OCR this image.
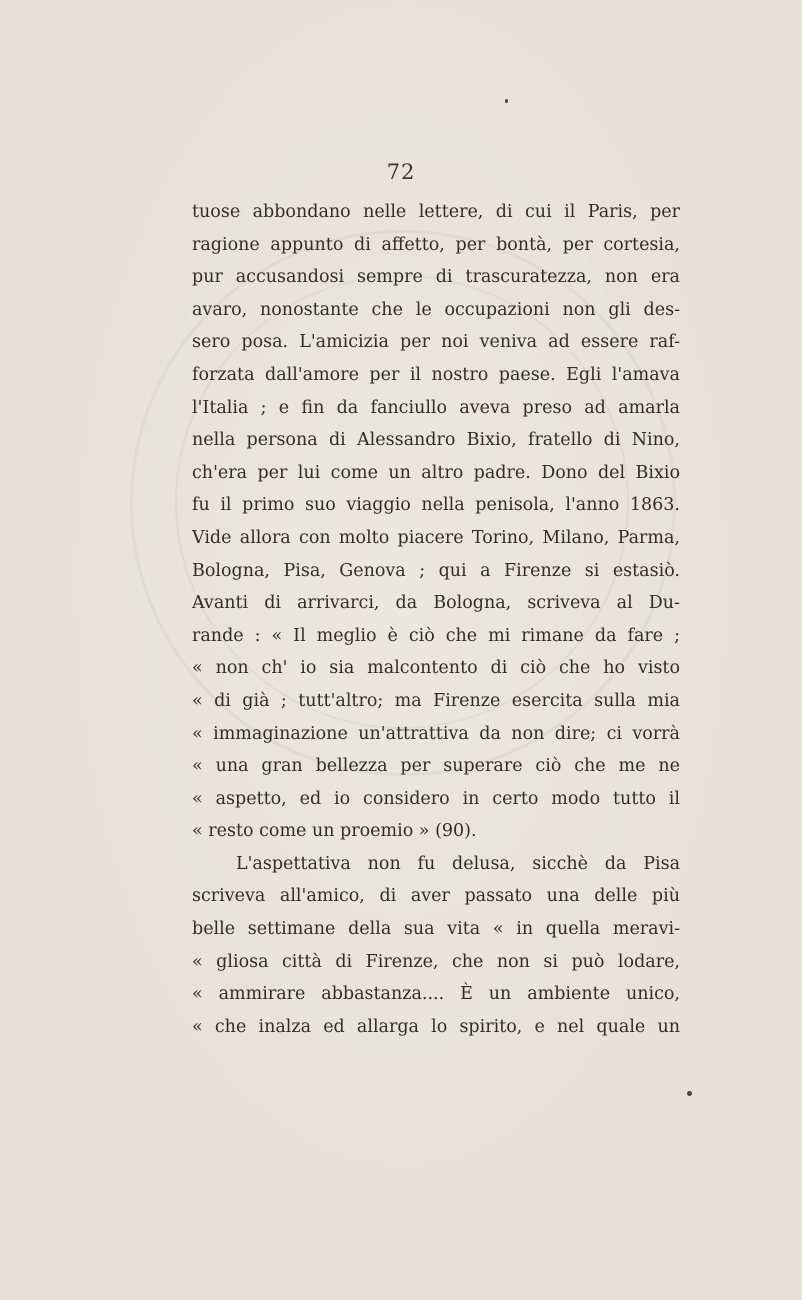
72
tuose abbondano nelle lettere, di cui il Paris, per
ragione appunto di affetto, per bontà, per cortesia,
pur accusandosi sempre di trascuratezza, non era
avaro, nonostante che le occupazioni non gli des-
sero posa. L'amicizia per noi veniva ad essere raf-
forzata dall'amore per il nostro paese. Egli l'amava
l'Italia ; e fin da fanciullo aveva preso ad amarla
nella persona di Alessandro Bixio, fratello di Nino,
ch'era per lui come un altro padre. Dono del Bixio
fu il primo suo viaggio nella penisola, l'anno 1863.
Vide allora con molto piacere Torino, Milano, Parma,
Bologna, Pisa, Genova ; qui a Firenze si estasiò.
Avanti di arrivarci, da Bologna, scriveva al Du-
rande : « Il meglio è ciò che mi rimane da fare ;
« non ch' io sia malcontento di ciò che ho visto
« di già ; tutt'altro; ma Firenze esercita sulla mia
« immaginazione un'attrattiva da non dire; ci vorrà
« una gran bellezza per superare ciò che me ne
« aspetto, ed io considero in certo modo tutto il
« resto come un proemio » (90).
L'aspettativa non fu delusa, sicchè da Pisa
scriveva all'amico, di aver passato una delle più
belle settimane della sua vita « in quella meravi-
« gliosa città di Firenze, che non si può lodare,
« ammirare abbastanza.... È un ambiente unico,
« che inalza ed allarga lo spirito, e nel quale un
